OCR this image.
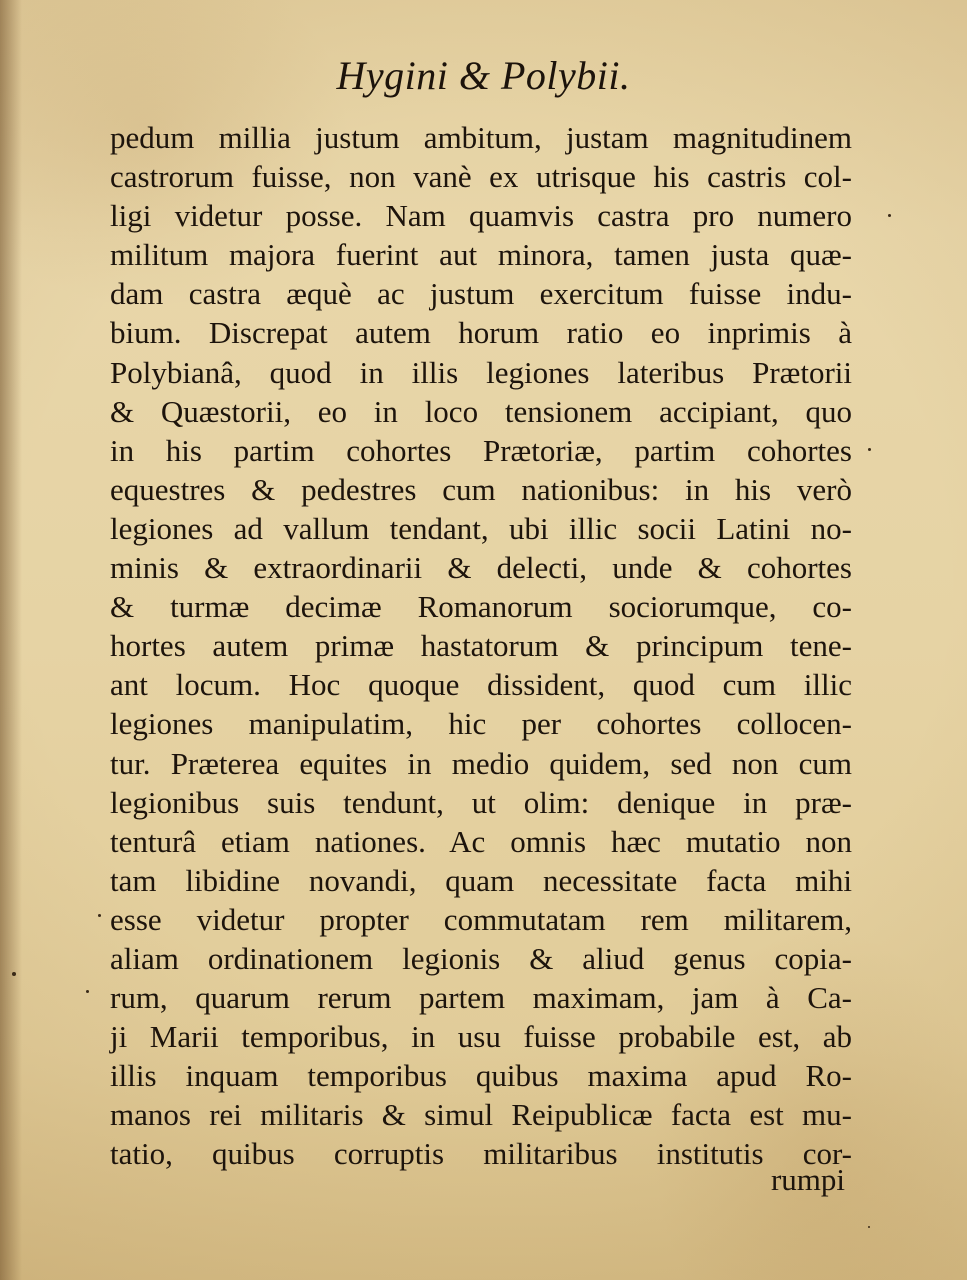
Hygini & Polybii.
pedum millia justum ambitum, justam magnitudinem
castrorum fuisse, non vanè ex utrisque his castris col-
ligi videtur posse. Nam quamvis castra pro numero
militum majora fuerint aut minora, tamen justa quæ-
dam castra æquè ac justum exercitum fuisse indu-
bium. Discrepat autem horum ratio eo inprimis à
Polybianâ, quod in illis legiones lateribus Prætorii
& Quæstorii, eo in loco tensionem accipiant, quo
in his partim cohortes Prætoriæ, partim cohortes
equestres & pedestres cum nationibus: in his verò
legiones ad vallum tendant, ubi illic socii Latini no-
minis & extraordinarii & delecti, unde & cohortes
& turmæ decimæ Romanorum sociorumque, co-
hortes autem primæ hastatorum & principum tene-
ant locum. Hoc quoque dissident, quod cum illic
legiones manipulatim, hic per cohortes collocen-
tur. Præterea equites in medio quidem, sed non cum
legionibus suis tendunt, ut olim: denique in præ-
tenturâ etiam nationes. Ac omnis hæc mutatio non
tam libidine novandi, quam necessitate facta mihi
esse videtur propter commutatam rem militarem,
aliam ordinationem legionis & aliud genus copia-
rum, quarum rerum partem maximam, jam à Ca-
ji Marii temporibus, in usu fuisse probabile est, ab
illis inquam temporibus quibus maxima apud Ro-
manos rei militaris & simul Reipublicæ facta est mu-
tatio, quibus corruptis militaribus institutis cor-
rumpi
